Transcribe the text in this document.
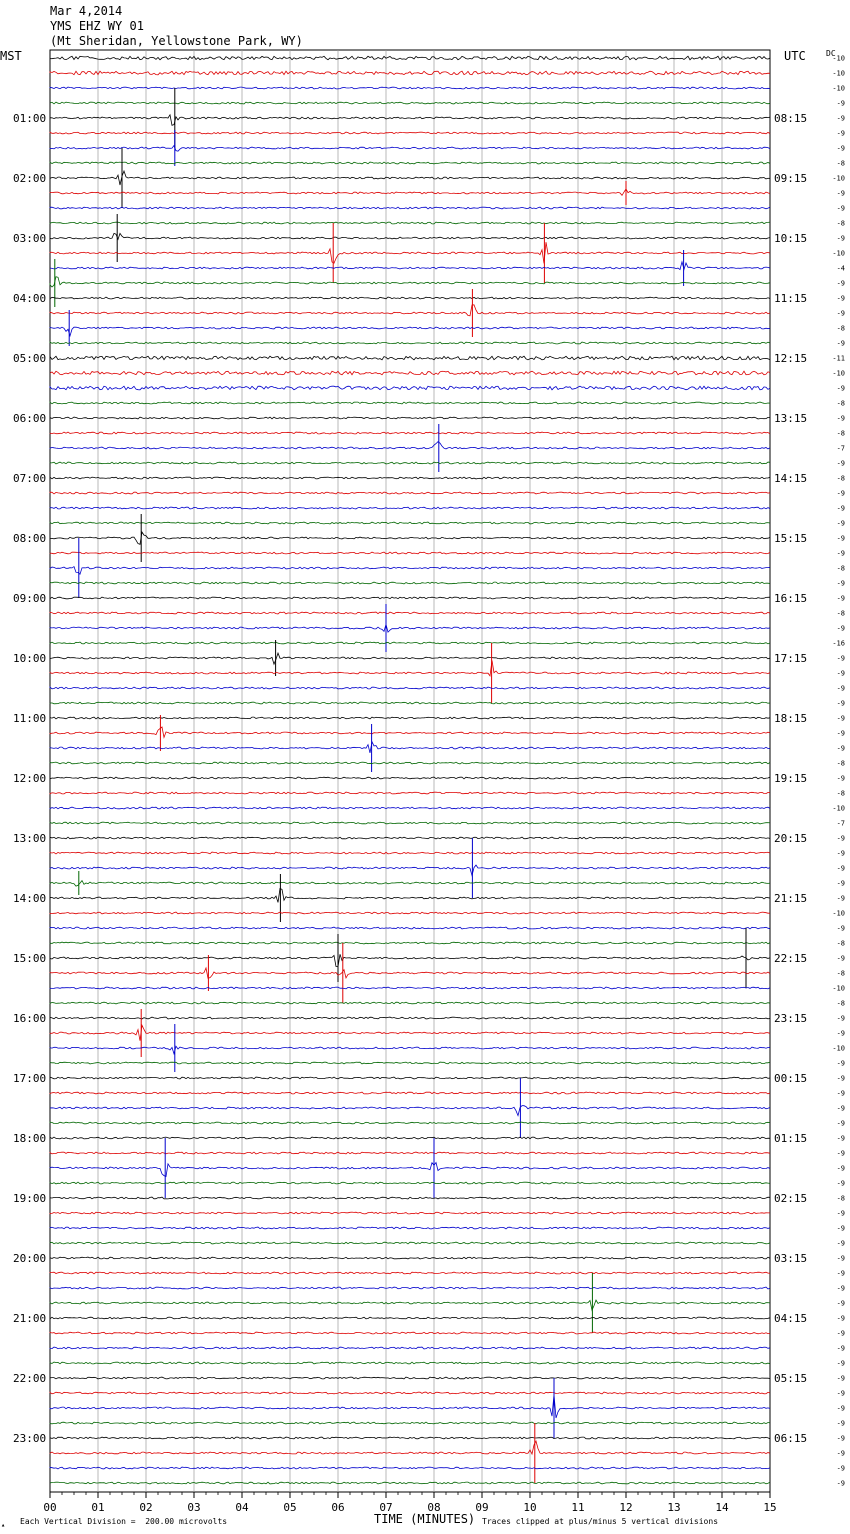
Mar 4,2014
YMS EHZ WY 01
(Mt Sheridan, Yellowstone Park, WY)
MST	UTC	DC
01:00
02:00
03:00
04:00
05:00
06:00
07:00
08:00
09:00
10:00
11:00
12:00
13:00
14:00
15:00
16:00
17:00
18:00
19:00
20:00
21:00
22:00
23:00
08:15
09:15
10:15
11:15
12:15
13:15
14:15
15:15
16:15
17:15
18:15
19:15
20:15
21:15
22:15
23:15
00:15
01:15
02:15
03:15
04:15
05:15
06:15
-10
-10
-10
-9
-9
-9
-9
-8
-10
-9
-9
-8
-9
-10
-4
-9
-9
-9
-8
-9
-11
-10
-9
-8
-9
-8
-7
-9
-8
-9
-9
-9
-9
-9
-8
-9
-9
-8
-9
-16
-9
-9
-9
-9
-9
-9
-9
-8
-9
-8
-10
-7
-9
-9
-9
-9
-9
-10
-9
-8
-9
-8
-10
-8
-9
-9
-10
-9
-9
-9
-9
-9
-9
-9
-9
-9
-8
-9
-9
-9
-9
-9
-9
-9
-9
-9
-9
-9
-9
-9
-9
-9
-9
-9
-9
-9
00	01	02	03	04	05	06	07	08	09	10	11	12	13	14	15
▴ Each Vertical Division =  200.00 microvolts	TIME (MINUTES) Traces clipped at plus/minus 5 vertical divisions
